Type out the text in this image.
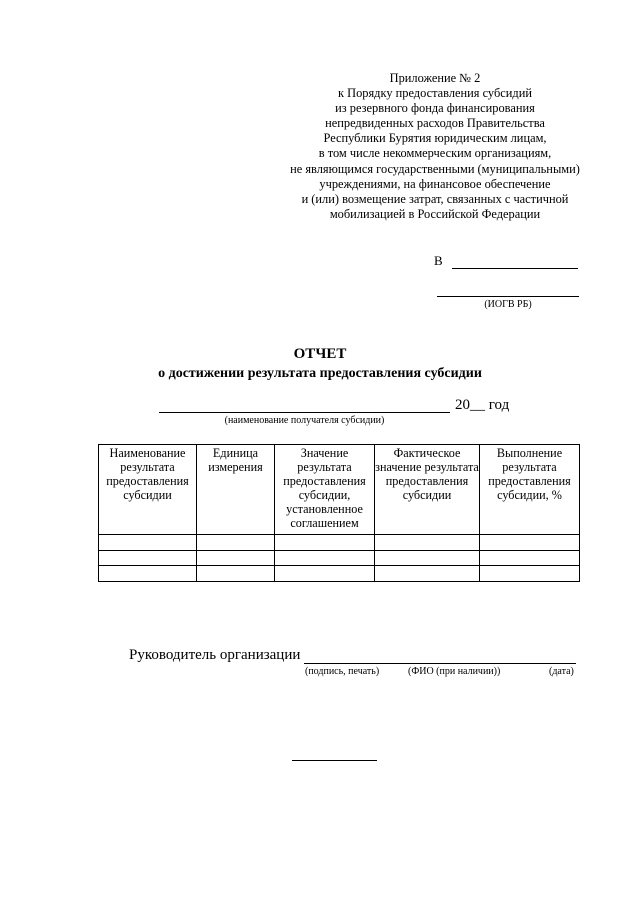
Приложение № 2
к Порядку предоставления субсидий
из резервного фонда финансирования
непредвиденных расходов Правительства
Республики Бурятия юридическим лицам,
в том числе некоммерческим организациям,
не являющимся государственными (муниципальными)
учреждениями, на финансовое обеспечение
и (или) возмещение затрат, связанных с частичной
мобилизацией в Российской Федерации
В
(ИОГВ РБ)
ОТЧЕТ
о достижении результата предоставления субсидии
20__ год
(наименование получателя субсидии)
Наименование результата предоставления субсидии	Единица измерения	Значение результата предоставления субсидии, установленное соглашением	Фактическое значение результата предоставления субсидии	Выполнение результата предоставления субсидии, %

Руководитель организации
(подпись, печать)	(ФИО (при наличии))	(дата)
